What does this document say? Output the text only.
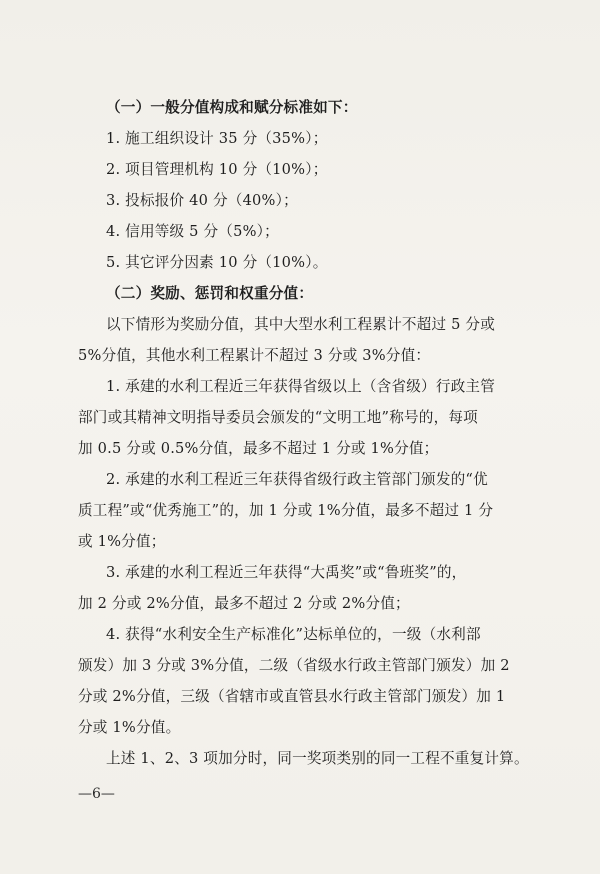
（一）一般分值构成和赋分标准如下：
1. 施工组织设计 35 分（35%）；
2. 项目管理机构 10 分（10%）；
3. 投标报价 40 分（40%）；
4. 信用等级 5 分（5%）；
5. 其它评分因素 10 分（10%）。
（二）奖励、惩罚和权重分值：
以下情形为奖励分值，其中大型水利工程累计不超过 5 分或
5%分值，其他水利工程累计不超过 3 分或 3%分值：
1. 承建的水利工程近三年获得省级以上（含省级）行政主管
部门或其精神文明指导委员会颁发的“文明工地”称号的，每项
加 0.5 分或 0.5%分值，最多不超过 1 分或 1%分值；
2. 承建的水利工程近三年获得省级行政主管部门颁发的“优
质工程”或“优秀施工”的，加 1 分或 1%分值，最多不超过 1 分
或 1%分值；
3. 承建的水利工程近三年获得“大禹奖”或“鲁班奖”的，
加 2 分或 2%分值，最多不超过 2 分或 2%分值；
4. 获得“水利安全生产标准化”达标单位的，一级（水利部
颁发）加 3 分或 3%分值，二级（省级水行政主管部门颁发）加 2
分或 2%分值，三级（省辖市或直管县水行政主管部门颁发）加 1
分或 1%分值。
上述 1、2、3 项加分时，同一奖项类别的同一工程不重复计算。
—6—
